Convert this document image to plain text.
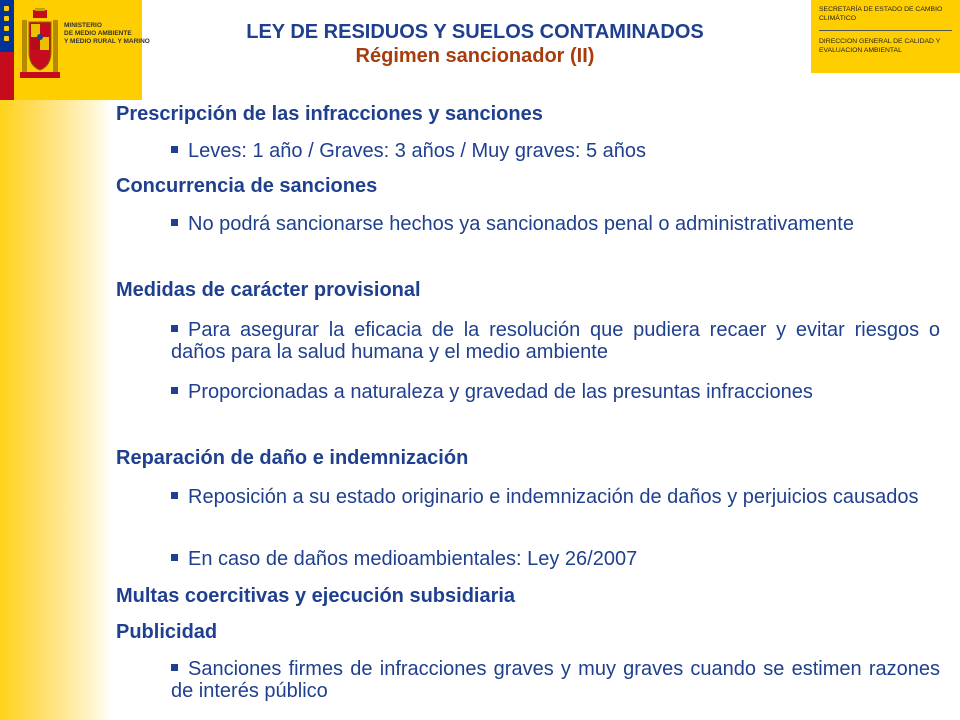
MINISTERIO
DE MEDIO AMBIENTE
Y MEDIO RURAL Y MARINO
SECRETARÍA DE ESTADO DE CAMBIO CLIMÁTICO
DIRECCION GENERAL DE CALIDAD Y EVALUACION AMBIENTAL
LEY DE RESIDUOS Y SUELOS CONTAMINADOS
Régimen sancionador (II)
Prescripción de las infracciones y sanciones
Leves: 1 año / Graves: 3 años / Muy graves: 5 años
Concurrencia de sanciones
No podrá sancionarse hechos ya sancionados penal o administrativamente
Medidas de carácter provisional
Para asegurar la eficacia de la resolución que pudiera recaer y evitar riesgos o daños para la salud humana y el medio ambiente
Proporcionadas a naturaleza y gravedad de las presuntas infracciones
Reparación de daño e indemnización
Reposición a su estado originario e indemnización de daños y perjuicios causados
En caso de daños medioambientales: Ley 26/2007
Multas coercitivas y ejecución subsidiaria
Publicidad
Sanciones firmes de infracciones graves y muy graves cuando se estimen razones de interés público
